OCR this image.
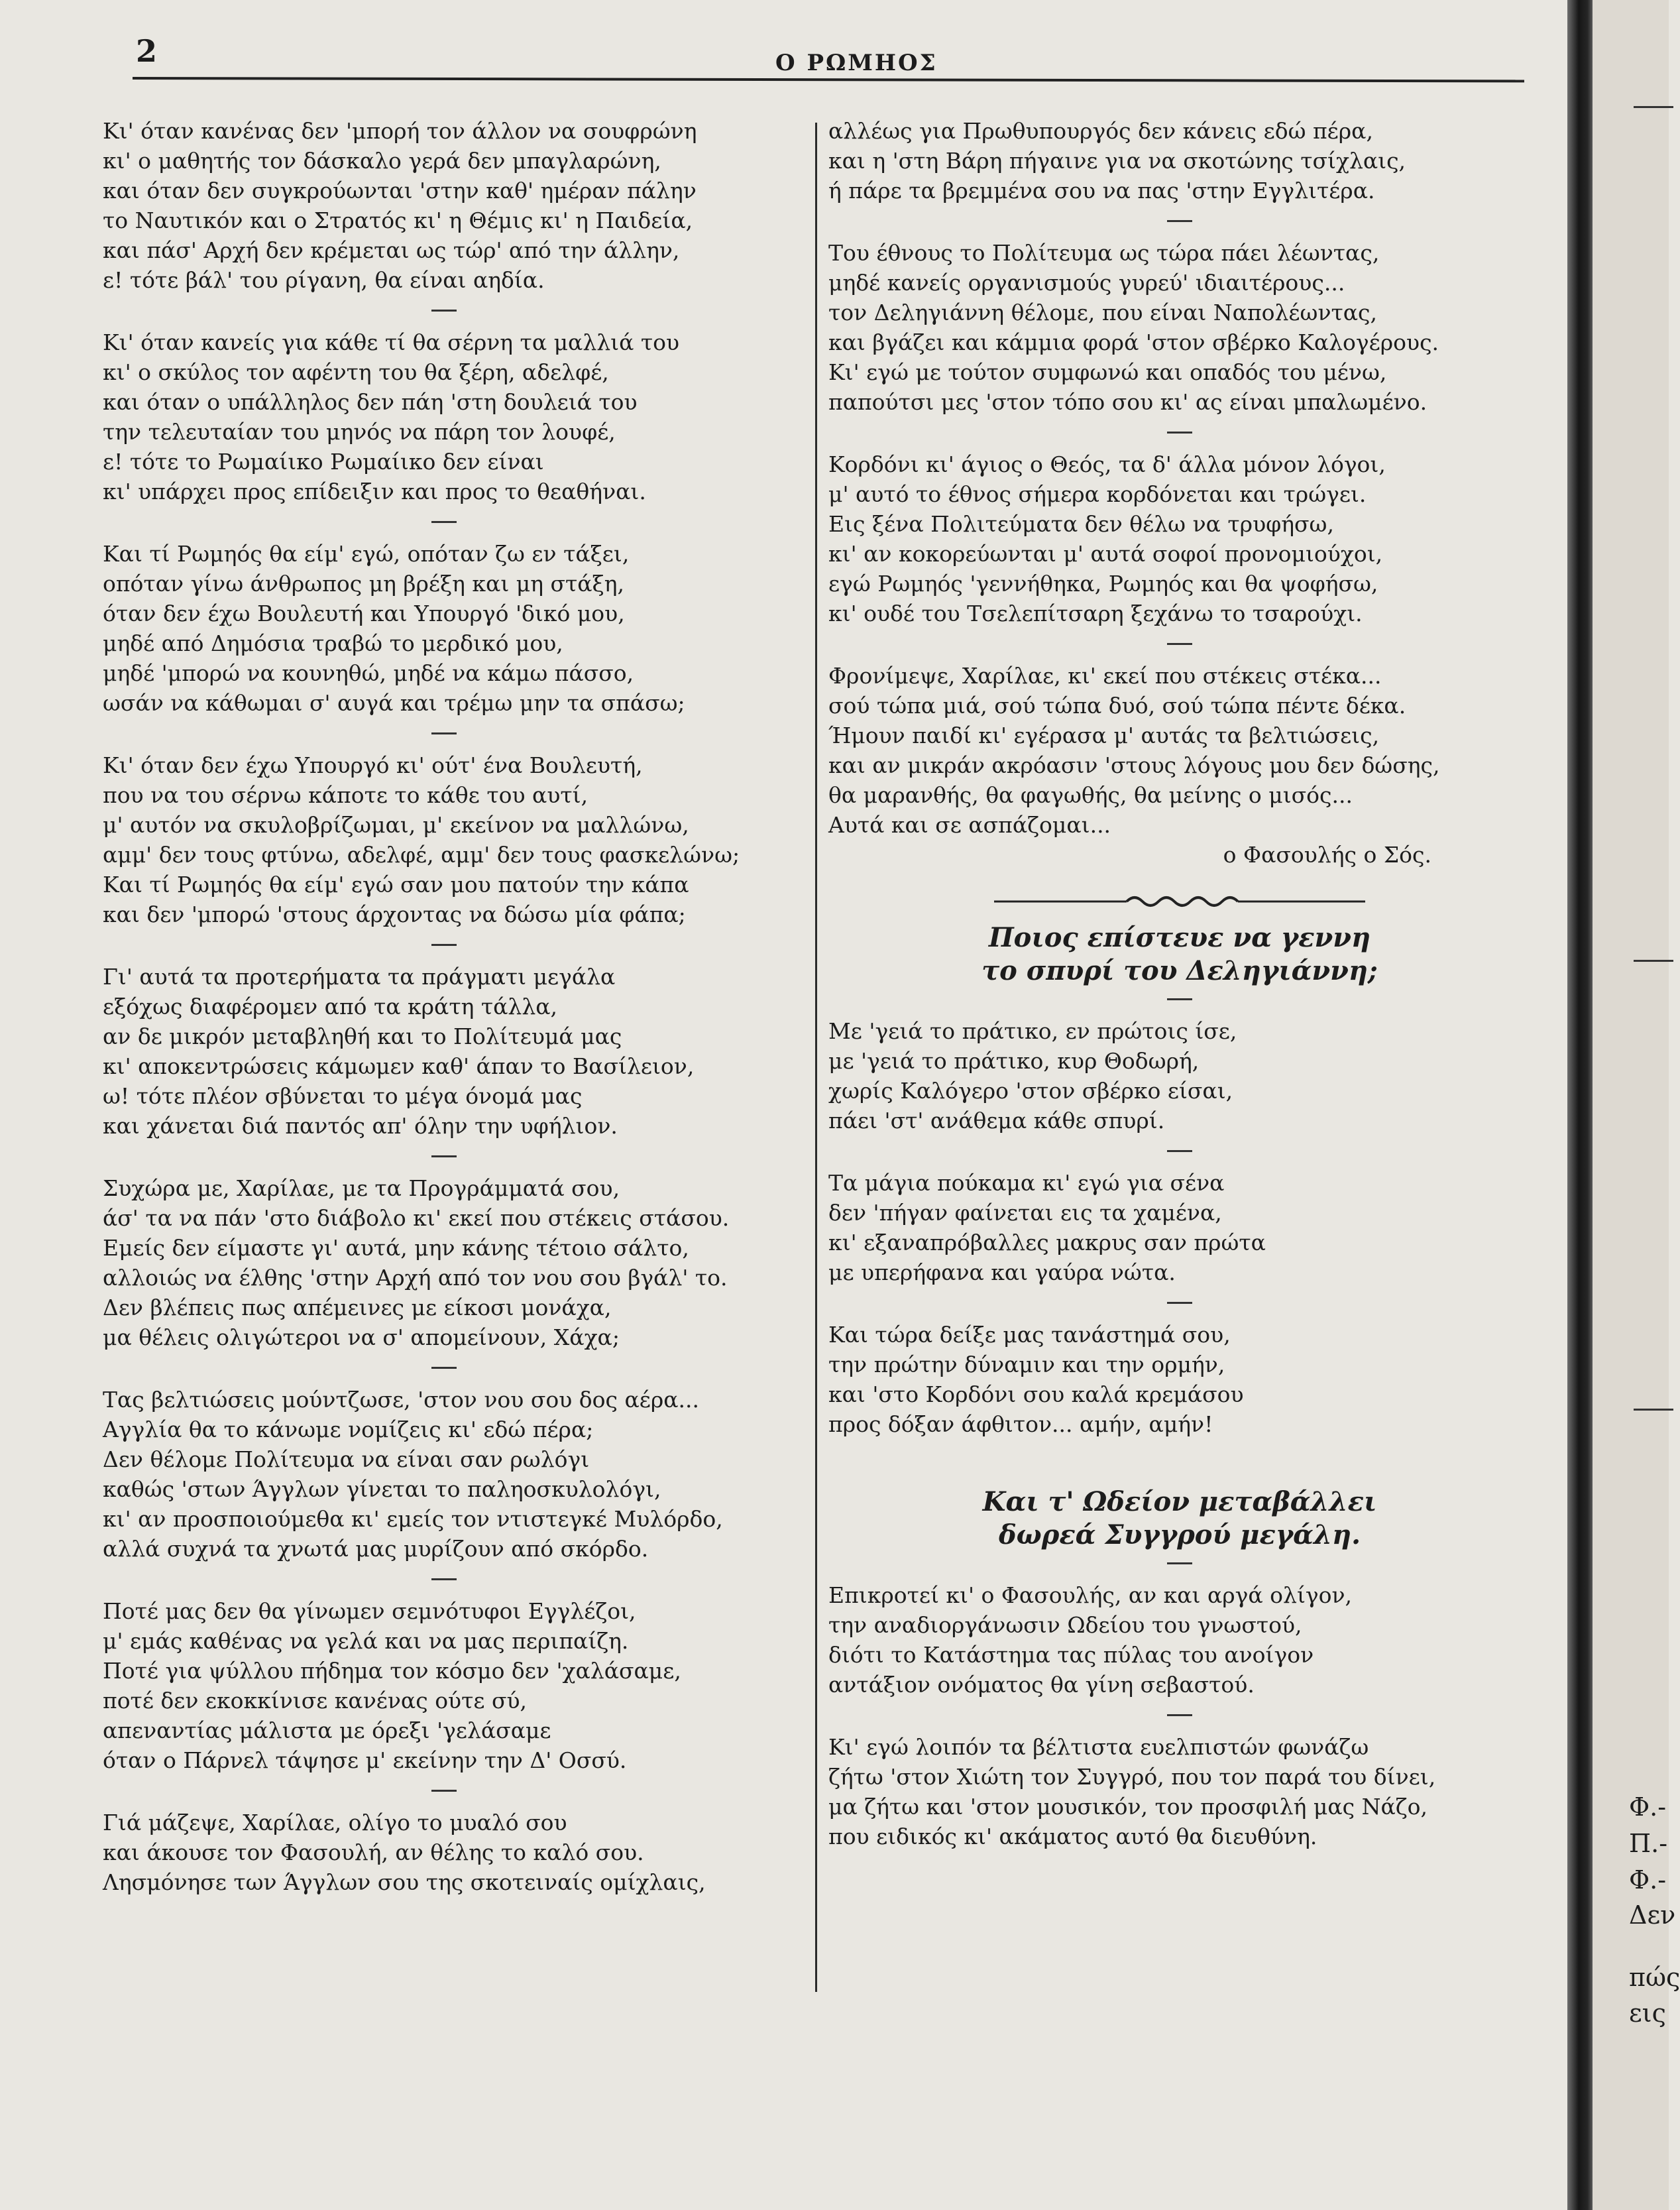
2	Ο ΡΩΜΗΟΣ
Κι' όταν κανένας δεν 'μπορή τον άλλον να σουφρώνη
κι' ο μαθητής τον δάσκαλο γερά δεν μπαγλαρώνη,
και όταν δεν συγκρούωνται 'στην καθ' ημέραν πάλην
το Ναυτικόν και ο Στρατός κι' η Θέμις κι' η Παιδεία,
και πάσ' Αρχή δεν κρέμεται ως τώρ' από την άλλην,
ε! τότε βάλ' του ρίγανη, θα είναι αηδία.
Κι' όταν κανείς για κάθε τί θα σέρνη τα μαλλιά του
κι' ο σκύλος τον αφέντη του θα ξέρη, αδελφέ,
και όταν ο υπάλληλος δεν πάη 'στη δουλειά του
την τελευταίαν του μηνός να πάρη τον λουφέ,
ε! τότε το Ρωμαίικο Ρωμαίικο δεν είναι
κι' υπάρχει προς επίδειξιν και προς το θεαθήναι.
Και τί Ρωμηός θα είμ' εγώ, οπόταν ζω εν τάξει,
οπόταν γίνω άνθρωπος μη βρέξη και μη στάξη,
όταν δεν έχω Βουλευτή και Υπουργό 'δικό μου,
μηδέ από Δημόσια τραβώ το μερδικό μου,
μηδέ 'μπορώ να κουνηθώ, μηδέ να κάμω πάσσο,
ωσάν να κάθωμαι σ' αυγά και τρέμω μην τα σπάσω;
Κι' όταν δεν έχω Υπουργό κι' ούτ' ένα Βουλευτή,
που να του σέρνω κάποτε το κάθε του αυτί,
μ' αυτόν να σκυλοβρίζωμαι, μ' εκείνον να μαλλώνω,
αμμ' δεν τους φτύνω, αδελφέ, αμμ' δεν τους φασκελώνω;
Και τί Ρωμηός θα είμ' εγώ σαν μου πατούν την κάπα
και δεν 'μπορώ 'στους άρχοντας να δώσω μία φάπα;
Γι' αυτά τα προτερήματα τα πράγματι μεγάλα
εξόχως διαφέρομεν από τα κράτη τάλλα,
αν δε μικρόν μεταβληθή και το Πολίτευμά μας
κι' αποκεντρώσεις κάμωμεν καθ' άπαν το Βασίλειον,
ω! τότε πλέον σβύνεται το μέγα όνομά μας
και χάνεται διά παντός απ' όλην την υφήλιον.
Συχώρα με, Χαρίλαε, με τα Προγράμματά σου,
άσ' τα να πάν 'στο διάβολο κι' εκεί που στέκεις στάσου.
Εμείς δεν είμαστε γι' αυτά, μην κάνης τέτοιο σάλτο,
αλλοιώς να έλθης 'στην Αρχή από τον νου σου βγάλ' το.
Δεν βλέπεις πως απέμεινες με είκοσι μονάχα,
μα θέλεις ολιγώτεροι να σ' απομείνουν, Χάχα;
Τας βελτιώσεις μούντζωσε, 'στον νου σου δος αέρα...
Αγγλία θα το κάνωμε νομίζεις κι' εδώ πέρα;
Δεν θέλομε Πολίτευμα να είναι σαν ρωλόγι
καθώς 'στων Άγγλων γίνεται το παληοσκυλολόγι,
κι' αν προσποιούμεθα κι' εμείς τον ντιστεγκέ Μυλόρδο,
αλλά συχνά τα χνωτά μας μυρίζουν από σκόρδο.
Ποτέ μας δεν θα γίνωμεν σεμνότυφοι Εγγλέζοι,
μ' εμάς καθένας να γελά και να μας περιπαίζη.
Ποτέ για ψύλλου πήδημα τον κόσμο δεν 'χαλάσαμε,
ποτέ δεν εκοκκίνισε κανένας ούτε σύ,
απεναντίας μάλιστα με όρεξι 'γελάσαμε
όταν ο Πάρνελ τάψησε μ' εκείνην την Δ' Οσσύ.
Γιά μάζεψε, Χαρίλαε, ολίγο το μυαλό σου
και άκουσε τον Φασουλή, αν θέλης το καλό σου.
Λησμόνησε των Άγγλων σου της σκοτειναίς ομίχλαις,
αλλέως για Πρωθυπουργός δεν κάνεις εδώ πέρα,
και η 'στη Βάρη πήγαινε για να σκοτώνης τσίχλαις,
ή πάρε τα βρεμμένα σου να πας 'στην Εγγλιτέρα.
Του έθνους το Πολίτευμα ως τώρα πάει λέωντας,
μηδέ κανείς οργανισμούς γυρεύ' ιδιαιτέρους...
τον Δεληγιάννη θέλομε, που είναι Ναπολέωντας,
και βγάζει και κάμμια φορά 'στον σβέρκο Καλογέρους.
Κι' εγώ με τούτον συμφωνώ και οπαδός του μένω,
παπούτσι μες 'στον τόπο σου κι' ας είναι μπαλωμένο.
Κορδόνι κι' άγιος ο Θεός, τα δ' άλλα μόνον λόγοι,
μ' αυτό το έθνος σήμερα κορδόνεται και τρώγει.
Εις ξένα Πολιτεύματα δεν θέλω να τρυφήσω,
κι' αν κοκορεύωνται μ' αυτά σοφοί προνομιούχοι,
εγώ Ρωμηός 'γεννήθηκα, Ρωμηός και θα ψοφήσω,
κι' ουδέ του Τσελεπίτσαρη ξεχάνω το τσαρούχι.
Φρονίμεψε, Χαρίλαε, κι' εκεί που στέκεις στέκα...
σού τώπα μιά, σού τώπα δυό, σού τώπα πέντε δέκα.
Ήμουν παιδί κι' εγέρασα μ' αυτάς τα βελτιώσεις,
και αν μικράν ακρόασιν 'στους λόγους μου δεν δώσης,
θα μαρανθής, θα φαγωθής, θα μείνης ο μισός...
Αυτά και σε ασπάζομαι...
ο Φασουλής ο Σός.
Ποιος επίστευε να γεννη
το σπυρί του Δεληγιάννη;
Με 'γειά το πράτικο, εν πρώτοις ίσε,
με 'γειά το πράτικο, κυρ Θοδωρή,
χωρίς Καλόγερο 'στον σβέρκο είσαι,
πάει 'στ' ανάθεμα κάθε σπυρί.
Τα μάγια πούκαμα κι' εγώ για σένα
δεν 'πήγαν φαίνεται εις τα χαμένα,
κι' εξαναπρόβαλλες μακρυς σαν πρώτα
με υπερήφανα και γαύρα νώτα.
Και τώρα δείξε μας τανάστημά σου,
την πρώτην δύναμιν και την ορμήν,
και 'στο Κορδόνι σου καλά κρεμάσου
προς δόξαν άφθιτον... αμήν, αμήν!
Και τ' Ωδείον μεταβάλλει
δωρεά Συγγρού μεγάλη.
Επικροτεί κι' ο Φασουλής, αν και αργά ολίγον,
την αναδιοργάνωσιν Ωδείου του γνωστού,
διότι το Κατάστημα τας πύλας του ανοίγον
αντάξιον ονόματος θα γίνη σεβαστού.
Κι' εγώ λοιπόν τα βέλτιστα ευελπιστών φωνάζω
ζήτω 'στον Χιώτη τον Συγγρό, που τον παρά του δίνει,
μα ζήτω και 'στον μουσικόν, τον προσφιλή μας Νάζο,
που ειδικός κι' ακάματος αυτό θα διευθύνη.
Φ.-
Π.-
Φ.-
Δεν
πώς
εις
